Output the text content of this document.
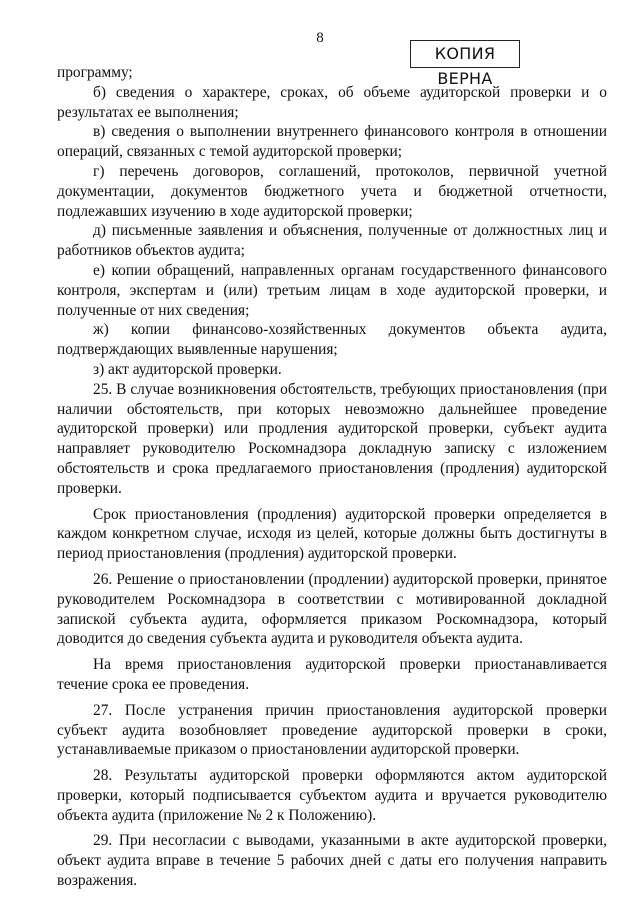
8
КОПИЯ ВЕРНА

программу;

б) сведения о характере, сроках, об объеме аудиторской проверки и о результатах ее выполнения;

в) сведения о выполнении внутреннего финансового контроля в отношении операций, связанных с темой аудиторской проверки;

г) перечень договоров, соглашений, протоколов, первичной учетной документации, документов бюджетного учета и бюджетной отчетности, подлежавших изучению в ходе аудиторской проверки;

д) письменные заявления и объяснения, полученные от должностных лиц и работников объектов аудита;

е) копии обращений, направленных органам государственного финансового контроля, экспертам и (или) третьим лицам в ходе аудиторской проверки, и полученные от них сведения;

ж) копии финансово-хозяйственных документов объекта аудита, подтверждающих выявленные нарушения;

з) акт аудиторской проверки.

25. В случае возникновения обстоятельств, требующих приостановления (при наличии обстоятельств, при которых невозможно дальнейшее проведение аудиторской проверки) или продления аудиторской проверки, субъект аудита направляет руководителю Роскомнадзора докладную записку с изложением обстоятельств и срока предлагаемого приостановления (продления) аудиторской проверки.

Срок приостановления (продления) аудиторской проверки определяется в каждом конкретном случае, исходя из целей, которые должны быть достигнуты в период приостановления (продления) аудиторской проверки.

26. Решение о приостановлении (продлении) аудиторской проверки, принятое руководителем Роскомнадзора в соответствии с мотивированной докладной запиской субъекта аудита, оформляется приказом Роскомнадзора, который доводится до сведения субъекта аудита и руководителя объекта аудита.

На время приостановления аудиторской проверки приостанавливается течение срока ее проведения.

27. После устранения причин приостановления аудиторской проверки субъект аудита возобновляет проведение аудиторской проверки в сроки, устанавливаемые приказом о приостановлении аудиторской проверки.

28. Результаты аудиторской проверки оформляются актом аудиторской проверки, который подписывается субъектом аудита и вручается руководителю объекта аудита (приложение № 2 к Положению).

29. При несогласии с выводами, указанными в акте аудиторской проверки, объект аудита вправе в течение 5 рабочих дней с даты его получения направить возражения.
